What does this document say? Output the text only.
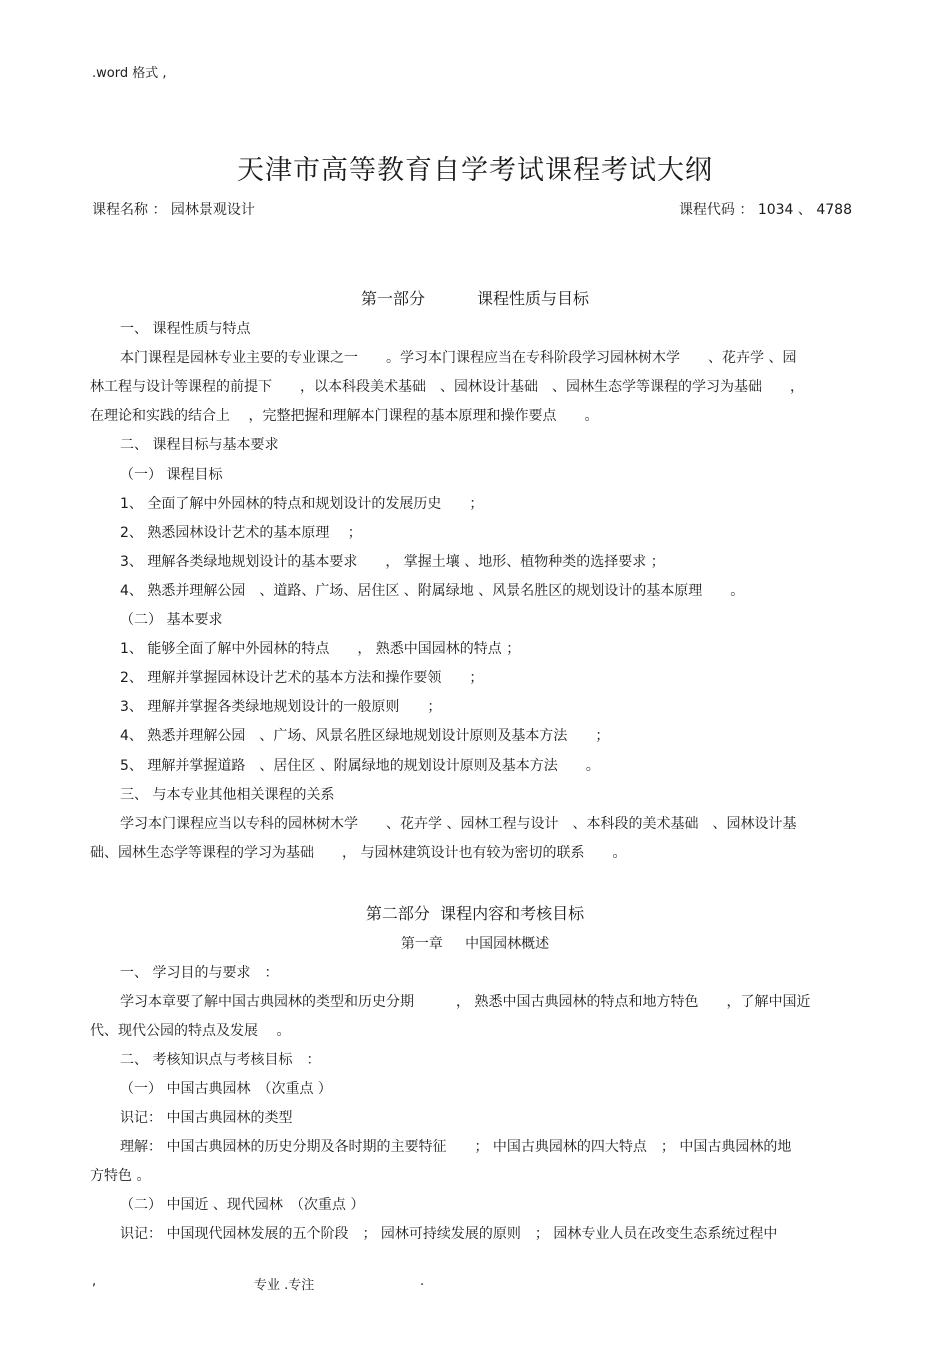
.word 格式 ,
天津市高等教育自学考试课程考试大纲
课程名称 ： 园林景观设计	课程代码 ： 1034 、 4788
第一部分	课程性质与目标
一、 课程性质与特点
本门课程是园林专业主要的专业课之一　　。学习本门课程应当在专科阶段学习园林树木学　　、花卉学 、园
林工程与设计等课程的前提下　　，以本科段美术基础　、园林设计基础　、园林生态学等课程的学习为基础　　，
在理论和实践的结合上　 ，完整把握和理解本门课程的基本原理和操作要点　　。
二、 课程目标与基本要求
（一） 课程目标
1、 全面了解中外园林的特点和规划设计的发展历史　　；
2、 熟悉园林设计艺术的基本原理　 ；
3、 理解各类绿地规划设计的基本要求　　， 掌握土壤 、地形、植物种类的选择要求 ；
4、 熟悉并理解公园　、道路、广场、居住区 、附属绿地 、风景名胜区的规划设计的基本原理　　。
（二） 基本要求
1、 能够全面了解中外园林的特点　　， 熟悉中国园林的特点 ；
2、 理解并掌握园林设计艺术的基本方法和操作要领　　；
3、 理解并掌握各类绿地规划设计的一般原则　　；
4、 熟悉并理解公园　、广场、风景名胜区绿地规划设计原则及基本方法　　；
5、 理解并掌握道路　、居住区 、附属绿地的规划设计原则及基本方法　　。
三、 与本专业其他相关课程的关系
学习本门课程应当以专科的园林树木学　　、花卉学 、园林工程与设计　、本科段的美术基础　、园林设计基
础、园林生态学等课程的学习为基础　　， 与园林建筑设计也有较为密切的联系　　。
第二部分 课程内容和考核目标
第一章 中国园林概述
一、 学习目的与要求　：
学习本章要了解中国古典园林的类型和历史分期　　　， 熟悉中国古典园林的特点和地方特色　　，了解中国近
代、现代公园的特点及发展　 。
二、 考核知识点与考核目标　：
（一） 中国古典园林　（次重点 ）
识记： 中国古典园林的类型
理解： 中国古典园林的历史分期及各时期的主要特征　　； 中国古典园林的四大特点　； 中国古典园林的地
方特色 。
（二） 中国近 、现代园林　（次重点 ）
识记： 中国现代园林发展的五个阶段　； 园林可持续发展的原则　； 园林专业人员在改变生态系统过程中
,	专业 .专注	.
